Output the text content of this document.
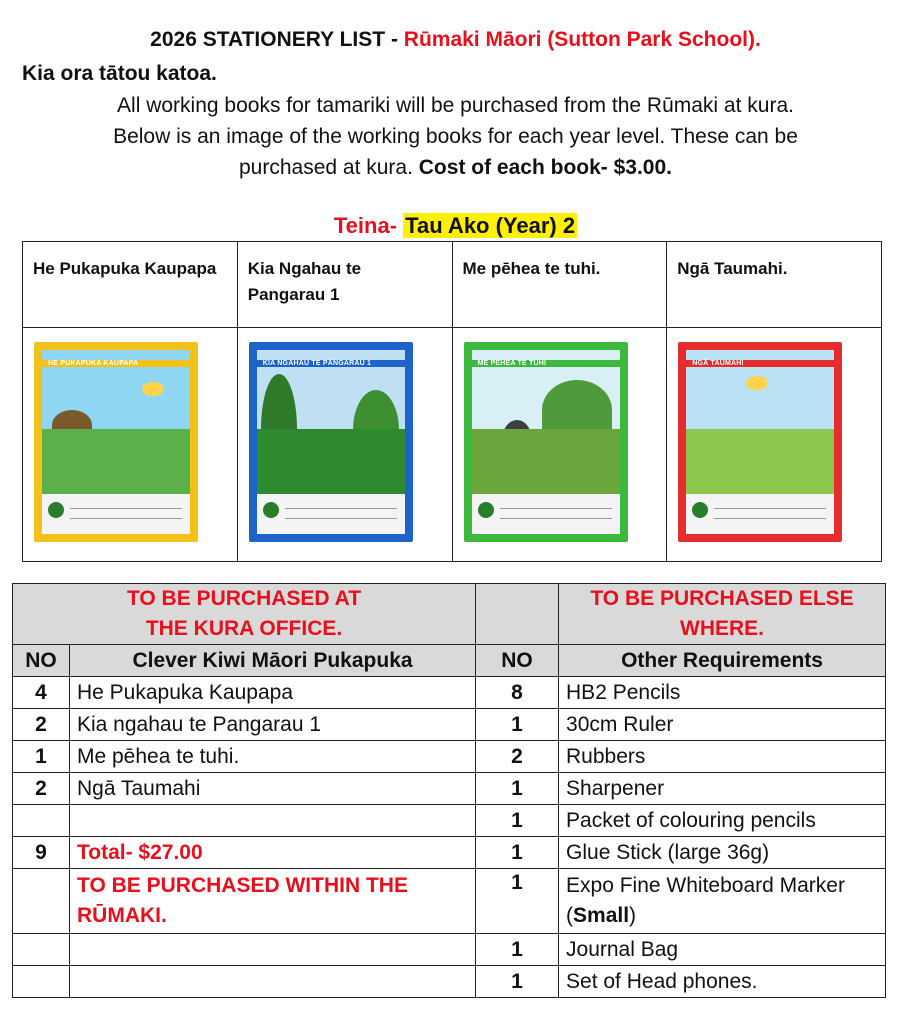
2026 STATIONERY LIST - Rūmaki Māori (Sutton Park School).
Kia ora tātou katoa.
All working books for tamariki will be purchased from the Rūmaki at kura.
Below is an image of the working books for each year level. These can be
purchased at kura. Cost of each book- $3.00.
Teina- Tau Ako (Year) 2
He Pukapuka Kaupapa	Kia Ngahau te Pangarau 1	Me pēhea te tuhi.	Ngā Taumahi.

HE PUKAPUKA KAUPAPA	KIA NGAHAU TE PĀNGARAU 1	ME PĒHEA TE TUHI	NGĀ TAUMAHI
TO BE PURCHASED AT THE KURA OFFICE.			TO BE PURCHASED ELSE WHERE.
NO	Clever Kiwi Māori Pukapuka	NO	Other Requirements
4	He Pukapuka Kaupapa	8	HB2 Pencils
2	Kia ngahau te Pangarau 1	1	30cm Ruler
1	Me pēhea te tuhi.	2	Rubbers
2	Ngā Taumahi	1	Sharpener
		1	Packet of colouring pencils
9	Total- $27.00	1	Glue Stick (large 36g)
	TO BE PURCHASED WITHIN THE RŪMAKI.	1	Expo Fine Whiteboard Marker (Small)
		1	Journal Bag
		1	Set of Head phones.
